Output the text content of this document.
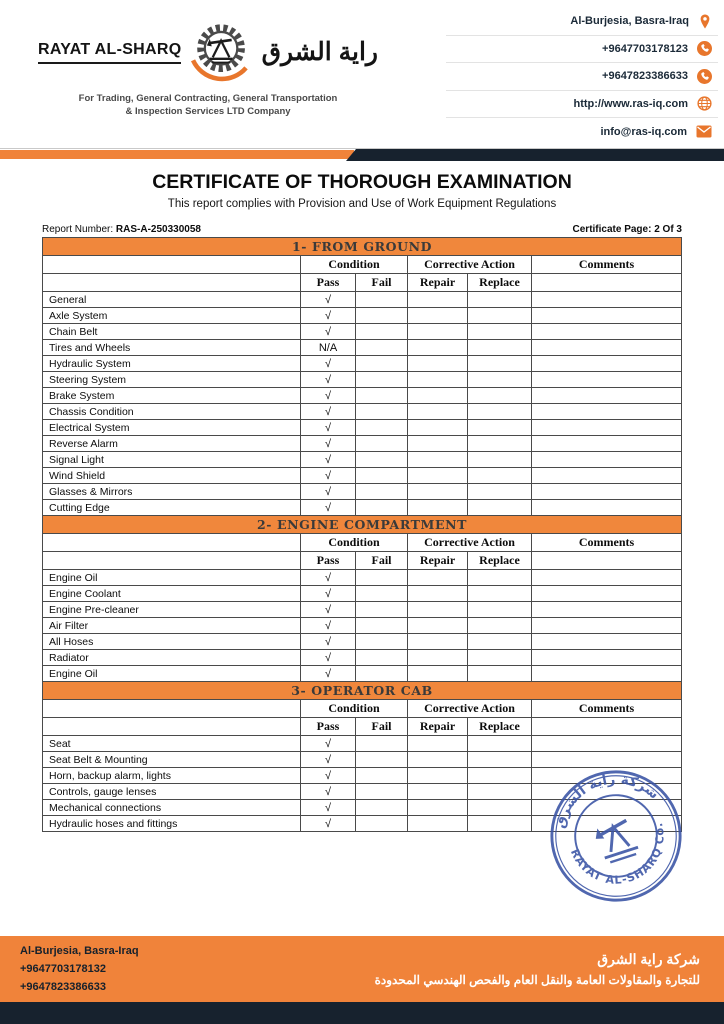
RAYAT AL-SHARQ	راية الشرق
For Trading, General Contracting, General Transportation
& Inspection Services LTD Company
Al-Burjesia, Basra-Iraq
+9647703178123
+9647823386633
http://www.ras-iq.com
info@ras-iq.com
CERTIFICATE OF THOROUGH EXAMINATION
This report complies with Provision and Use of Work Equipment Regulations
Report Number: RAS-A-250330058	Certificate Page: 2 Of 3
1- FROM GROUND					
	Condition		Corrective Action		Comments
	Pass	Fail	Repair	Replace	
General	√				
Axle System	√				
Chain Belt	√				
Tires and Wheels	N/A				
Hydraulic System	√				
Steering System	√				
Brake System	√				
Chassis Condition	√				
Electrical System	√				
Reverse Alarm	√				
Signal Light	√				
Wind Shield	√				
Glasses & Mirrors	√				
Cutting Edge	√				
2- ENGINE COMPARTMENT					
	Condition		Corrective Action		Comments
	Pass	Fail	Repair	Replace	
Engine Oil	√				
Engine Coolant	√				
Engine Pre-cleaner	√				
Air Filter	√				
All Hoses	√				
Radiator	√				
Engine Oil	√				
3- OPERATOR CAB					
	Condition		Corrective Action		Comments
	Pass	Fail	Repair	Replace	
Seat	√				
Seat Belt & Mounting	√				
Horn, backup alarm, lights	√				
Controls, gauge lenses	√				
Mechanical connections	√				
Hydraulic hoses and fittings	√					شركة راية الشرق
RAYAT AL-SHARQ Co.
Al-Burjesia, Basra-Iraq
+9647703178132
+9647823386633
شركة راية الشرق
للتجارة والمقاولات العامة والنقل العام والفحص الهندسي المحدودة
